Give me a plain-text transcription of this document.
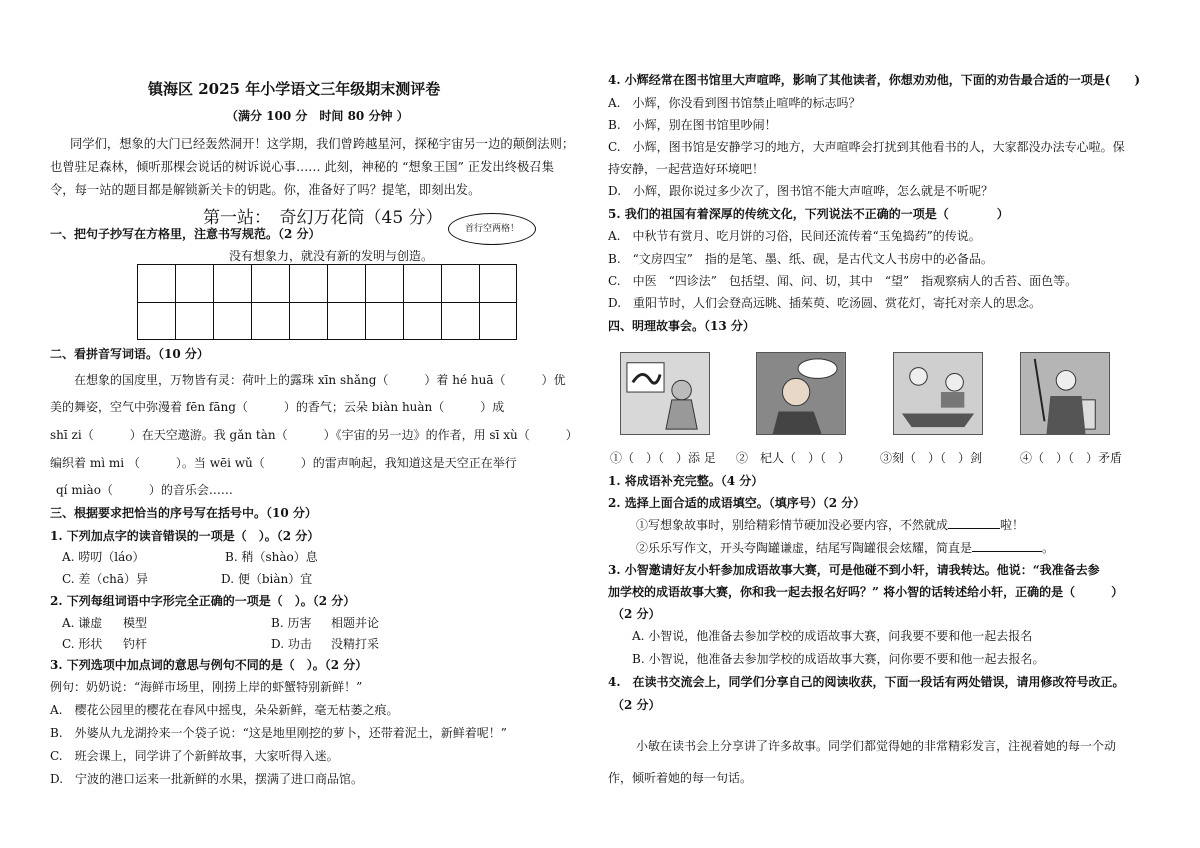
镇海区 2025 年小学语文三年级期末测评卷
（满分 100 分　时间 80 分钟 ）
同学们，想象的大门已经轰然洞开！这学期，我们曾跨越星河，探秘宇宙另一边的颠倒法则；
也曾驻足森林，倾听那棵会说话的树诉说心事…… 此刻，神秘的 “想象王国” 正发出终极召集
令，每一站的题目都是解锁新关卡的钥匙。你，准备好了吗？提笔，即刻出发。
第一站：　奇幻万花筒（45 分）
首行空两格！
一、把句子抄写在方格里，注意书写规范。（2 分）
没有想象力，就没有新的发明与创造。
二、看拼音写词语。（10 分）
在想象的国度里，万物皆有灵：荷叶上的露珠 xīn shǎng（　　　）着 hé huā（　　　）优
美的舞姿，空气中弥漫着 fēn fāng（　　　）的香气；云朵 biàn huàn（　　　）成
shī zi（　　　）在天空遨游。我 gǎn tàn（　　　）《宇宙的另一边》的作者，用 sī xù（　　　）
编织着 mì mi （　　　）。当 wēi wǔ（　　　）的雷声响起，我知道这是天空正在举行
qí miào（　　　）的音乐会……
三、根据要求把恰当的序号写在括号中。（10 分）
1. 下列加点字的读音错误的一项是（　）。（2 分）
A. 唠叨（láo）	B. 稍（shào）息
C. 差（chā）异	D. 便（biàn）宜
2. 下列每组词语中字形完全正确的一项是（　）。（2 分）
A. 谦虚 模型	B. 历害 相题并论
C. 形状 钓杆	D. 功击 没精打采
3. 下列选项中加点词的意思与例句不同的是（　）。（2 分）
例句：奶奶说：“海鲜市场里，刚捞上岸的虾蟹特别新鲜！”
A.　樱花公园里的樱花在春风中摇曳，朵朵新鲜，毫无枯萎之痕。
B.　外婆从九龙湖拎来一个袋子说：“这是地里刚挖的萝卜，还带着泥土，新鲜着呢！”
C.　班会课上，同学讲了个新鲜故事，大家听得入迷。
D.　宁波的港口运来一批新鲜的水果，摆满了进口商品馆。
4. 小辉经常在图书馆里大声喧哗，影响了其他读者，你想劝劝他，下面的劝告最合适的一项是(　　)
A.　小辉，你没看到图书馆禁止喧哗的标志吗？
B.　小辉，别在图书馆里吵闹！
C.　小辉，图书馆是安静学习的地方，大声喧哗会打扰到其他看书的人，大家都没办法专心啦。保
持安静，一起营造好环境吧！
D.　小辉，跟你说过多少次了，图书馆不能大声喧哗，怎么就是不听呢？
5. 我们的祖国有着深厚的传统文化，下列说法不正确的一项是（　　　　）
A.　中秋节有赏月、吃月饼的习俗，民间还流传着“玉兔捣药”的传说。
B.　“文房四宝”　指的是笔、墨、纸、砚，是古代文人书房中的必备品。
C.　中医　“四诊法”　包括望、闻、问、切，其中　“望”　指观察病人的舌苔、面色等。
D.　重阳节时，人们会登高远眺、插茱萸、吃汤圆、赏花灯，寄托对亲人的思念。
四、明理故事会。（13 分）
①（　）（　）添 足 ②　杞人（　）（　） ③刻（　）（　）剑	④（　）（　）矛盾
1. 将成语补充完整。（4 分）
2. 选择上面合适的成语填空。（填序号）（2 分）
①写想象故事时，别给精彩情节硬加没必要内容，不然就成	啦！
②乐乐写作文，开头夸陶罐谦虚，结尾写陶罐很会炫耀，简直是	。
3. 小智邀请好友小轩参加成语故事大赛，可是他碰不到小轩，请我转达。他说：“我准备去参
加学校的成语故事大赛，你和我一起去报名好吗？” 将小智的话转述给小轩，正确的是（　　　）
（2 分）
A. 小智说，他准备去参加学校的成语故事大赛，问我要不要和他一起去报名
B. 小智说，他准备去参加学校的成语故事大赛，问你要不要和他一起去报名。
4.　在读书交流会上，同学们分享自己的阅读收获，下面一段话有两处错误，请用修改符号改正。
（2 分）
小敏在读书会上分享讲了许多故事。同学们都觉得她的非常精彩发言，注视着她的每一个动
作，倾听着她的每一句话。
